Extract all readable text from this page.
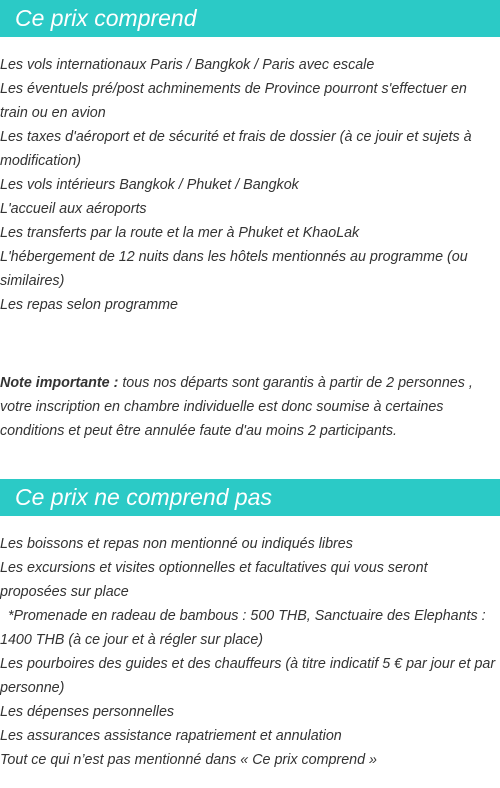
Ce prix comprend
Les vols internationaux Paris / Bangkok / Paris avec escale
Les éventuels pré/post achminements de Province pourront s'effectuer en train ou en avion
Les taxes d'aéroport et de sécurité et frais de dossier (à ce jouir et sujets à modification)
Les vols intérieurs Bangkok / Phuket / Bangkok
L'accueil aux aéroports
Les transferts par la route et la mer à Phuket et KhaoLak
L'hébergement de 12 nuits dans les hôtels mentionnés au programme (ou similaires)
Les repas selon programme

Note importante : tous nos départs sont garantis à partir de 2 personnes , votre inscription en chambre individuelle est donc soumise à certaines conditions et peut être annulée faute d'au moins 2 participants.

Ce prix ne comprend pas
Les boissons et repas non mentionné ou indiqués libres
Les excursions et visites optionnelles et facultatives qui vous seront proposées sur place
*Promenade en radeau de bambous : 500 THB, Sanctuaire des Elephants : 1400 THB (à ce jour et à régler sur place)
Les pourboires des guides et des chauffeurs (à titre indicatif 5 € par jour et par personne)
Les dépenses personnelles
Les assurances assistance rapatriement et annulation
Tout ce qui n’est pas mentionné dans « Ce prix comprend »
